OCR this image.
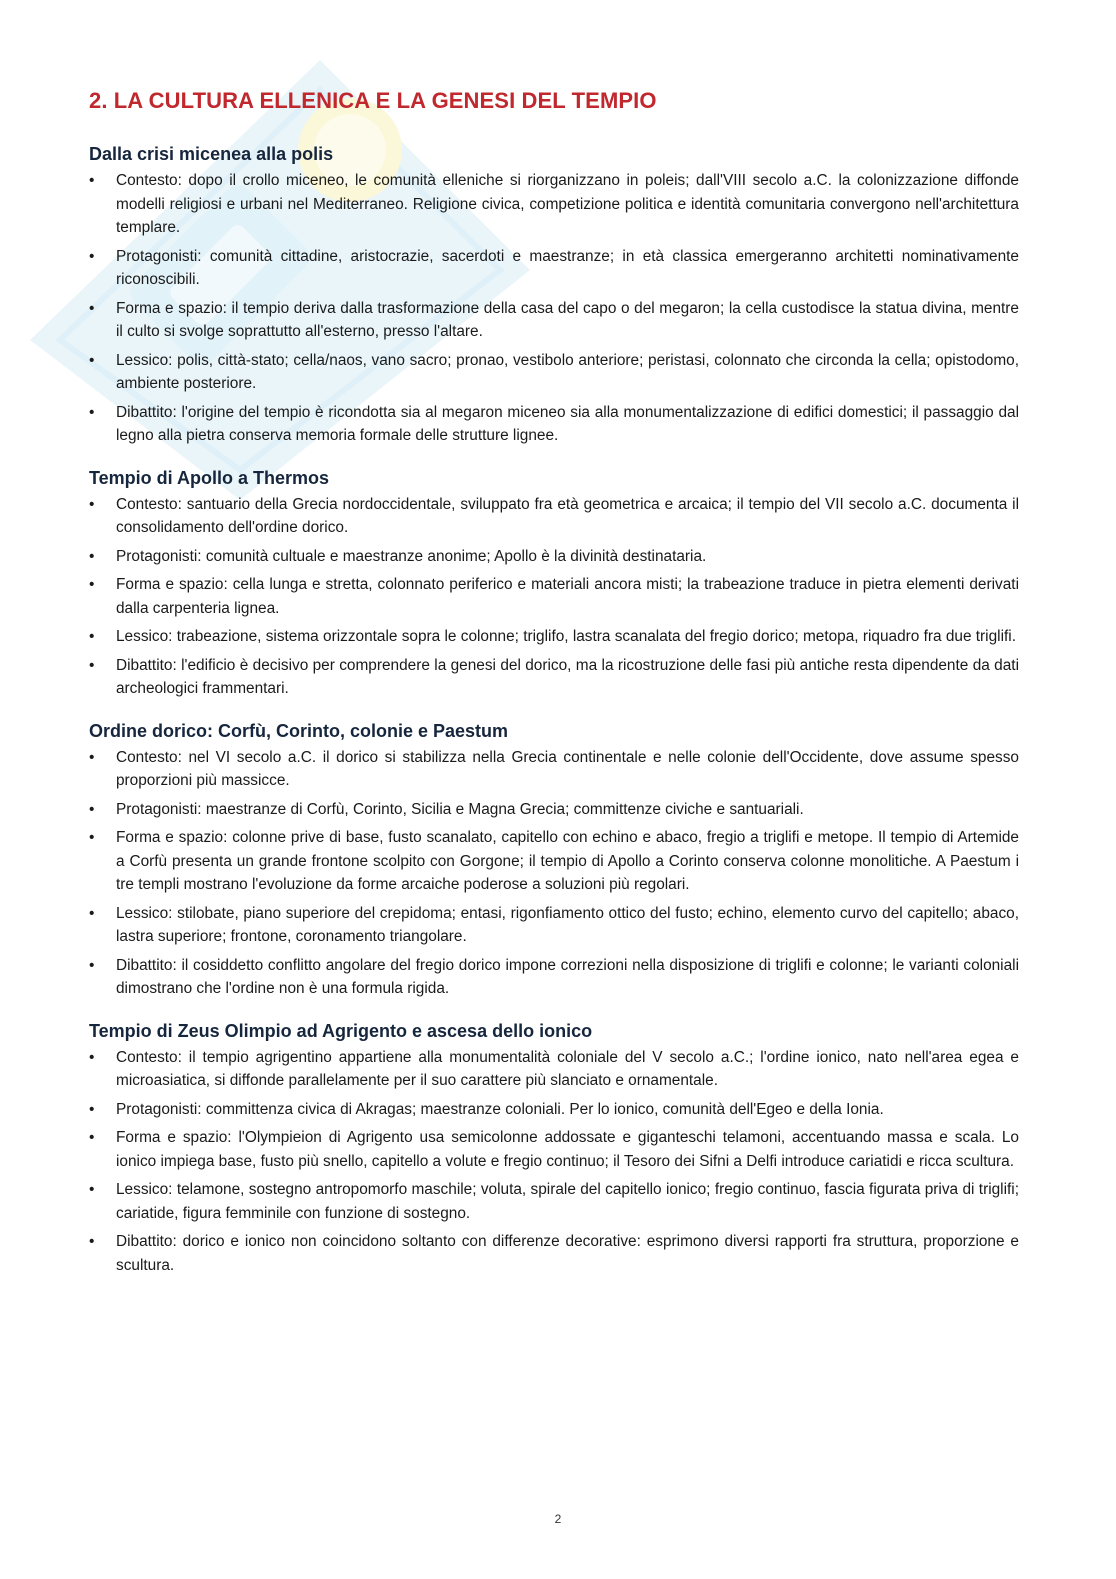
2. LA CULTURA ELLENICA E LA GENESI DEL TEMPIO
Dalla crisi micenea alla polis
•	Contesto: dopo il crollo miceneo, le comunità elleniche si riorganizzano in poleis; dall'VIII secolo a.C. la colonizzazione diffonde modelli religiosi e urbani nel Mediterraneo. Religione civica, competizione politica e identità comunitaria convergono nell'architettura templare.
•	Protagonisti: comunità cittadine, aristocrazie, sacerdoti e maestranze; in età classica emergeranno architetti nominativamente riconoscibili.
•	Forma e spazio: il tempio deriva dalla trasformazione della casa del capo o del megaron; la cella custodisce la statua divina, mentre il culto si svolge soprattutto all'esterno, presso l'altare.
•	Lessico: polis, città-stato; cella/naos, vano sacro; pronao, vestibolo anteriore; peristasi, colonnato che circonda la cella; opistodomo, ambiente posteriore.
•	Dibattito: l'origine del tempio è ricondotta sia al megaron miceneo sia alla monumentalizzazione di edifici domestici; il passaggio dal legno alla pietra conserva memoria formale delle strutture lignee.
Tempio di Apollo a Thermos
•	Contesto: santuario della Grecia nordoccidentale, sviluppato fra età geometrica e arcaica; il tempio del VII secolo a.C. documenta il consolidamento dell'ordine dorico.
•	Protagonisti: comunità cultuale e maestranze anonime; Apollo è la divinità destinataria.
•	Forma e spazio: cella lunga e stretta, colonnato periferico e materiali ancora misti; la trabeazione traduce in pietra elementi derivati dalla carpenteria lignea.
•	Lessico: trabeazione, sistema orizzontale sopra le colonne; triglifo, lastra scanalata del fregio dorico; metopa, riquadro fra due triglifi.
•	Dibattito: l'edificio è decisivo per comprendere la genesi del dorico, ma la ricostruzione delle fasi più antiche resta dipendente da dati archeologici frammentari.
Ordine dorico: Corfù, Corinto, colonie e Paestum
•	Contesto: nel VI secolo a.C. il dorico si stabilizza nella Grecia continentale e nelle colonie dell'Occidente, dove assume spesso proporzioni più massicce.
•	Protagonisti: maestranze di Corfù, Corinto, Sicilia e Magna Grecia; committenze civiche e santuariali.
•	Forma e spazio: colonne prive di base, fusto scanalato, capitello con echino e abaco, fregio a triglifi e metope. Il tempio di Artemide a Corfù presenta un grande frontone scolpito con Gorgone; il tempio di Apollo a Corinto conserva colonne monolitiche. A Paestum i tre templi mostrano l'evoluzione da forme arcaiche poderose a soluzioni più regolari.
•	Lessico: stilobate, piano superiore del crepidoma; entasi, rigonfiamento ottico del fusto; echino, elemento curvo del capitello; abaco, lastra superiore; frontone, coronamento triangolare.
•	Dibattito: il cosiddetto conflitto angolare del fregio dorico impone correzioni nella disposizione di triglifi e colonne; le varianti coloniali dimostrano che l'ordine non è una formula rigida.
Tempio di Zeus Olimpio ad Agrigento e ascesa dello ionico
•	Contesto: il tempio agrigentino appartiene alla monumentalità coloniale del V secolo a.C.; l'ordine ionico, nato nell'area egea e microasiatica, si diffonde parallelamente per il suo carattere più slanciato e ornamentale.
•	Protagonisti: committenza civica di Akragas; maestranze coloniali. Per lo ionico, comunità dell'Egeo e della Ionia.
•	Forma e spazio: l'Olympieion di Agrigento usa semicolonne addossate e giganteschi telamoni, accentuando massa e scala. Lo ionico impiega base, fusto più snello, capitello a volute e fregio continuo; il Tesoro dei Sifni a Delfi introduce cariatidi e ricca scultura.
•	Lessico: telamone, sostegno antropomorfo maschile; voluta, spirale del capitello ionico; fregio continuo, fascia figurata priva di triglifi; cariatide, figura femminile con funzione di sostegno.
•	Dibattito: dorico e ionico non coincidono soltanto con differenze decorative: esprimono diversi rapporti fra struttura, proporzione e scultura.
2
